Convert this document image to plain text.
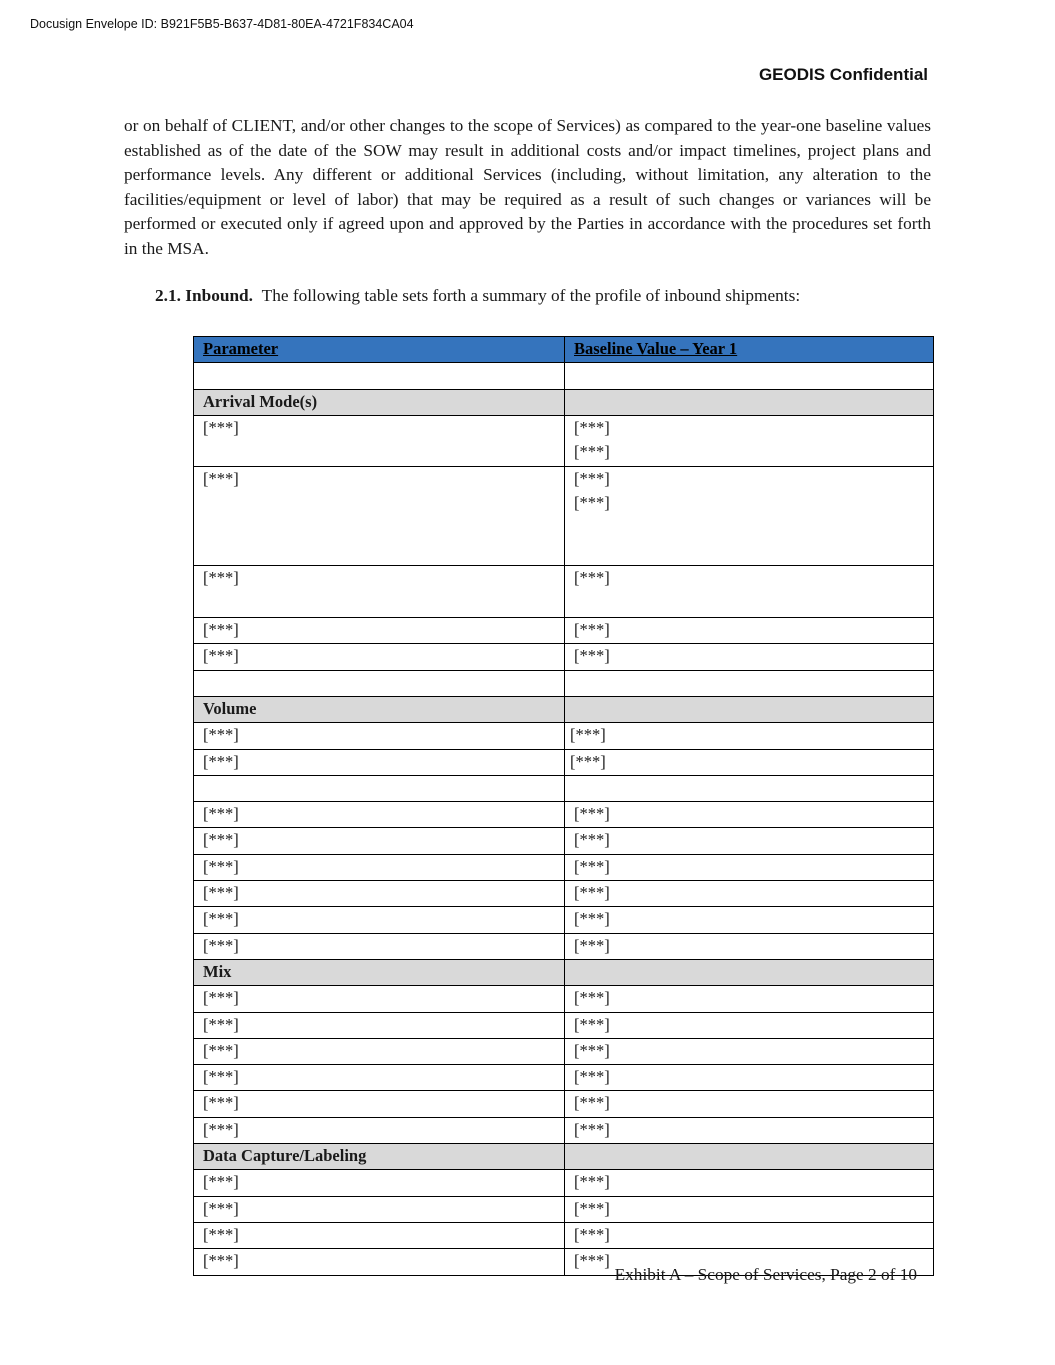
Docusign Envelope ID: B921F5B5-B637-4D81-80EA-4721F834CA04
GEODIS Confidential

or on behalf of CLIENT, and/or other changes to the scope of Services) as compared to the year-one baseline values established as of the date of the SOW may result in additional costs and/or impact timelines, project plans and performance levels. Any different or additional Services (including, without limitation, any alteration to the facilities/equipment or level of labor) that may be required as a result of such changes or variances will be performed or executed only if agreed upon and approved by the Parties in accordance with the procedures set forth in the MSA.

2.1. Inbound. The following table sets forth a summary of the profile of inbound shipments:
Parameter	Baseline Value – Year 1

Arrival Mode(s)	
[***]	[***]
[***]

[***]	[***]
[***]

[***]	[***]
[***]	[***]
[***]	[***]

Volume	
[***]	[***]
[***]	[***]

[***]	[***]
[***]	[***]
[***]	[***]
[***]	[***]
[***]	[***]
[***]	[***]
Mix	
[***]	[***]
[***]	[***]
[***]	[***]
[***]	[***]
[***]	[***]
[***]	[***]
Data Capture/Labeling	
[***]	[***]
[***]	[***]
[***]	[***]
[***]	[***]
Exhibit A – Scope of Services, Page 2 of 10
